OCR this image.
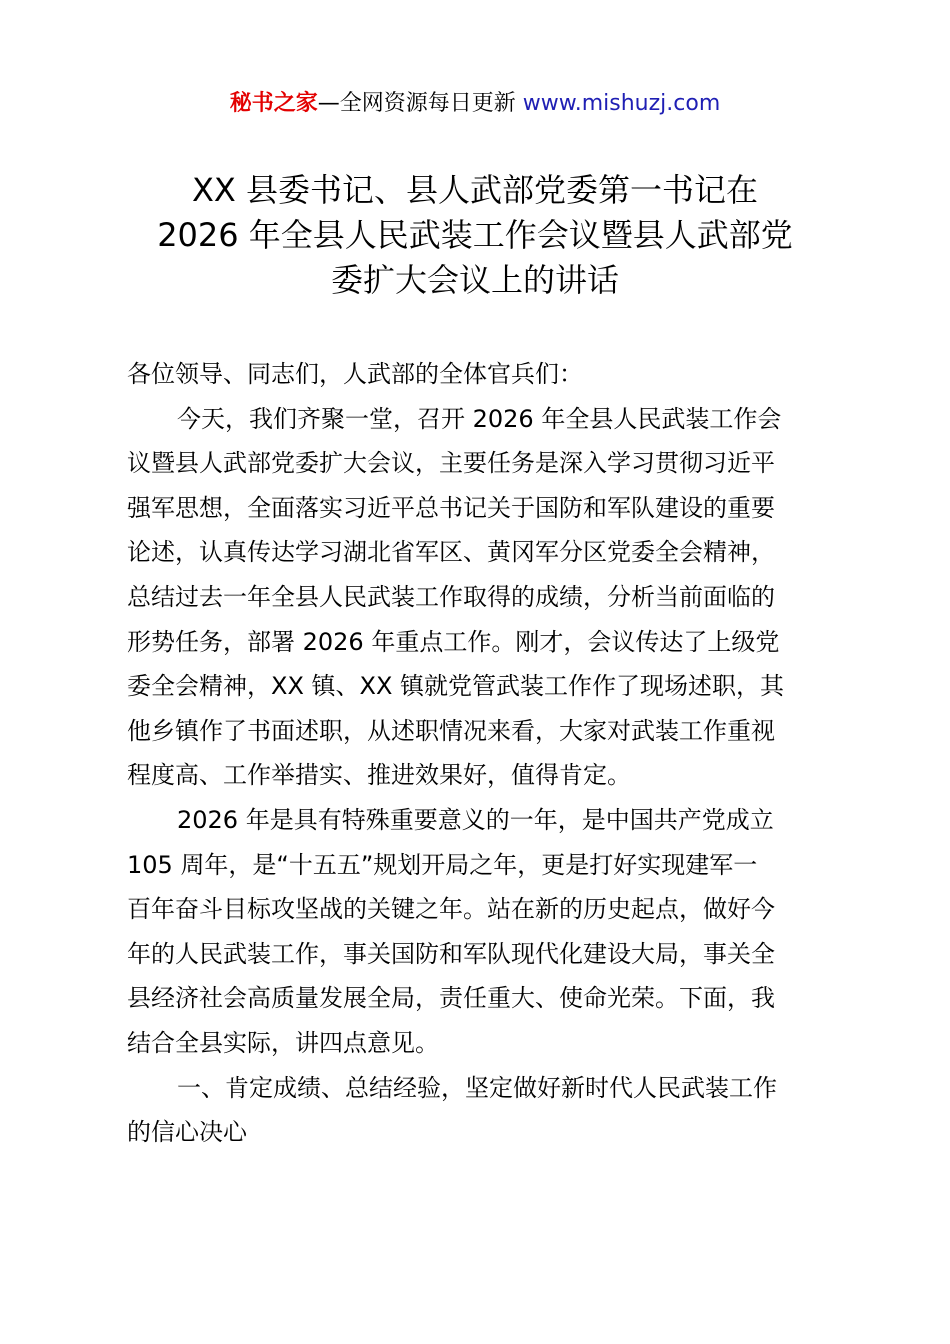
秘书之家—全网资源每日更新 www.mishuzj.com
XX 县委书记、县人武部党委第一书记在
2026 年全县人民武装工作会议暨县人武部党
委扩大会议上的讲话
各位领导、同志们，人武部的全体官兵们：
今天，我们齐聚一堂，召开 2026 年全县人民武装工作会
议暨县人武部党委扩大会议，主要任务是深入学习贯彻习近平
强军思想，全面落实习近平总书记关于国防和军队建设的重要
论述，认真传达学习湖北省军区、黄冈军分区党委全会精神，
总结过去一年全县人民武装工作取得的成绩，分析当前面临的
形势任务，部署 2026 年重点工作。刚才，会议传达了上级党
委全会精神，XX 镇、XX 镇就党管武装工作作了现场述职，其
他乡镇作了书面述职，从述职情况来看，大家对武装工作重视
程度高、工作举措实、推进效果好，值得肯定。
2026 年是具有特殊重要意义的一年，是中国共产党成立
105 周年，是“十五五”规划开局之年，更是打好实现建军一
百年奋斗目标攻坚战的关键之年。站在新的历史起点，做好今
年的人民武装工作，事关国防和军队现代化建设大局，事关全
县经济社会高质量发展全局，责任重大、使命光荣。下面，我
结合全县实际，讲四点意见。
一、肯定成绩、总结经验，坚定做好新时代人民武装工作
的信心决心
